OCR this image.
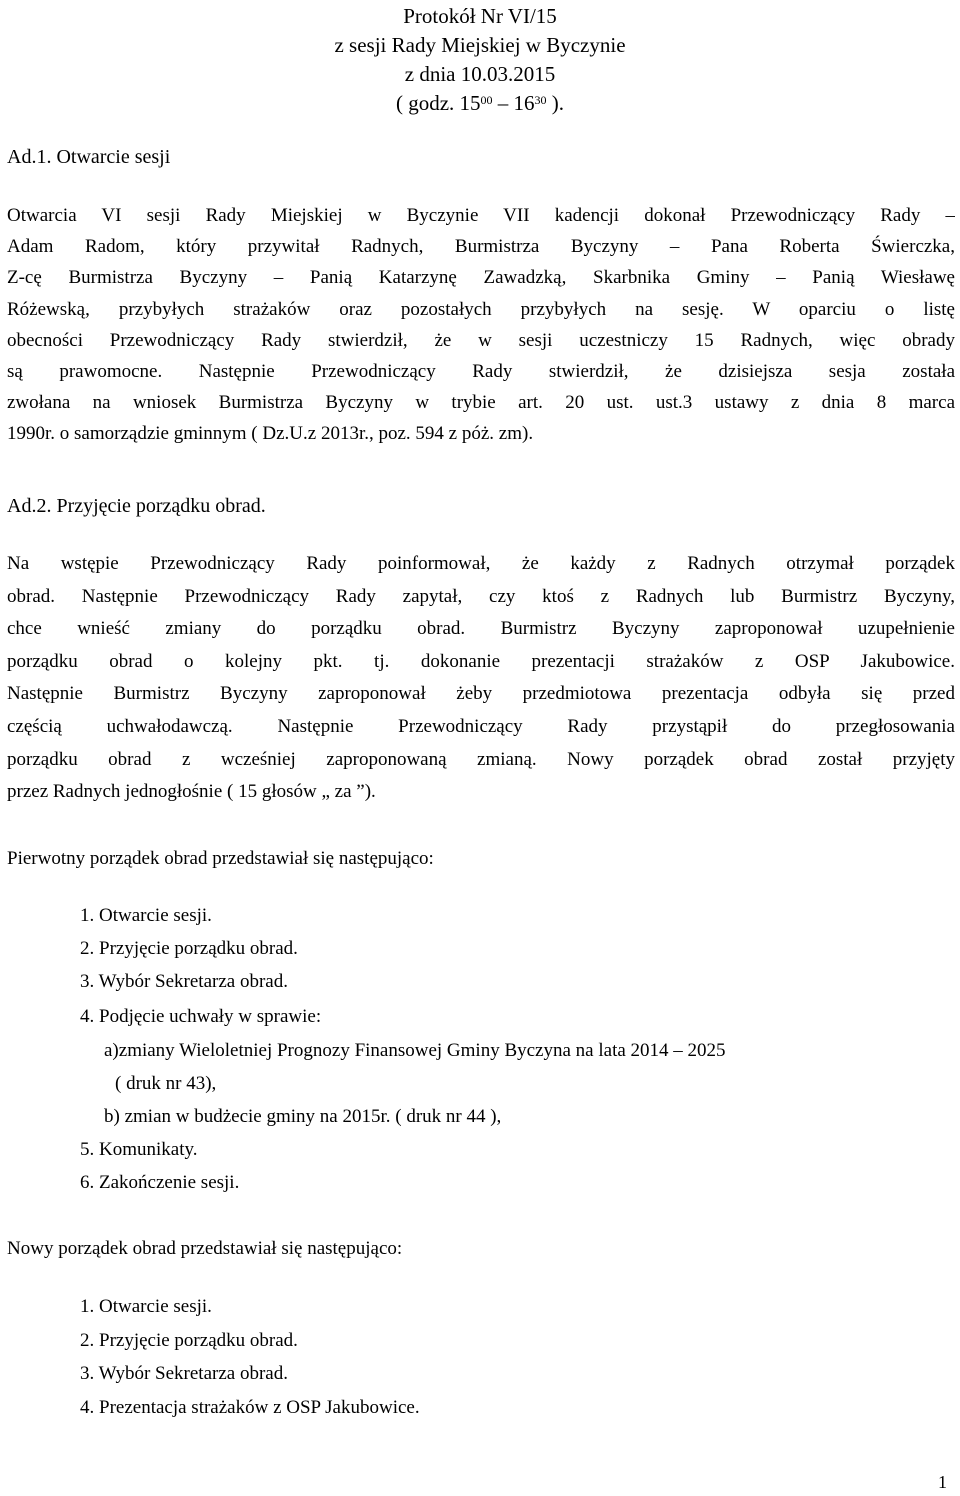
Protokół Nr VI/15
z sesji Rady Miejskiej w Byczynie
z dnia 10.03.2015
( godz. $15^{00} - 16^{30}$ ).
Ad.1. Otwarcie sesji
Otwarcia VI sesji Rady Miejskiej w Byczynie VII kadencji dokonał Przewodniczący Rady –
Adam Radom, który przywitał Radnych, Burmistrza Byczyny – Pana Roberta Świerczka,
Z-cę Burmistrza Byczyny – Panią Katarzynę Zawadzką, Skarbnika Gminy – Panią Wiesławę
Różewską, przybyłych strażaków oraz pozostałych przybyłych na sesję. W oparciu o listę
obecności Przewodniczący Rady stwierdził, że w sesji uczestniczy 15 Radnych, więc obrady
są prawomocne. Następnie Przewodniczący Rady stwierdził, że dzisiejsza sesja została
zwołana na wniosek Burmistrza Byczyny w trybie art. 20 ust. ust.3 ustawy z dnia 8 marca
1990r. o samorządzie gminnym ( Dz.U.z 2013r., poz. 594 z póż. zm).
Ad.2. Przyjęcie porządku obrad.
Na wstępie Przewodniczący Rady poinformował, że każdy z Radnych otrzymał porządek
obrad. Następnie Przewodniczący Rady zapytał, czy ktoś z Radnych lub Burmistrz Byczyny,
chce wnieść zmiany do porządku obrad. Burmistrz Byczyny zaproponował uzupełnienie
porządku obrad o kolejny pkt. tj. dokonanie prezentacji strażaków z OSP Jakubowice.
Następnie Burmistrz Byczyny zaproponował żeby przedmiotowa prezentacja odbyła się przed
częścią uchwałodawczą. Następnie Przewodniczący Rady przystąpił do przegłosowania
porządku obrad z wcześniej zaproponowaną zmianą. Nowy porządek obrad został przyjęty
przez Radnych jednogłośnie ( 15 głosów „ za ”).
Pierwotny porządek obrad przedstawiał się następująco:
1. Otwarcie sesji.
2. Przyjęcie porządku obrad.
3. Wybór Sekretarza obrad.
4. Podjęcie uchwały w sprawie:
a)zmiany Wieloletniej Prognozy Finansowej Gminy Byczyna na lata 2014 – 2025
( druk nr 43),
b) zmian w budżecie gminy na 2015r. ( druk nr 44 ),
5. Komunikaty.
6. Zakończenie sesji.
Nowy porządek obrad przedstawiał się następująco:
1. Otwarcie sesji.
2. Przyjęcie porządku obrad.
3. Wybór Sekretarza obrad.
4. Prezentacja strażaków z OSP Jakubowice.
1
